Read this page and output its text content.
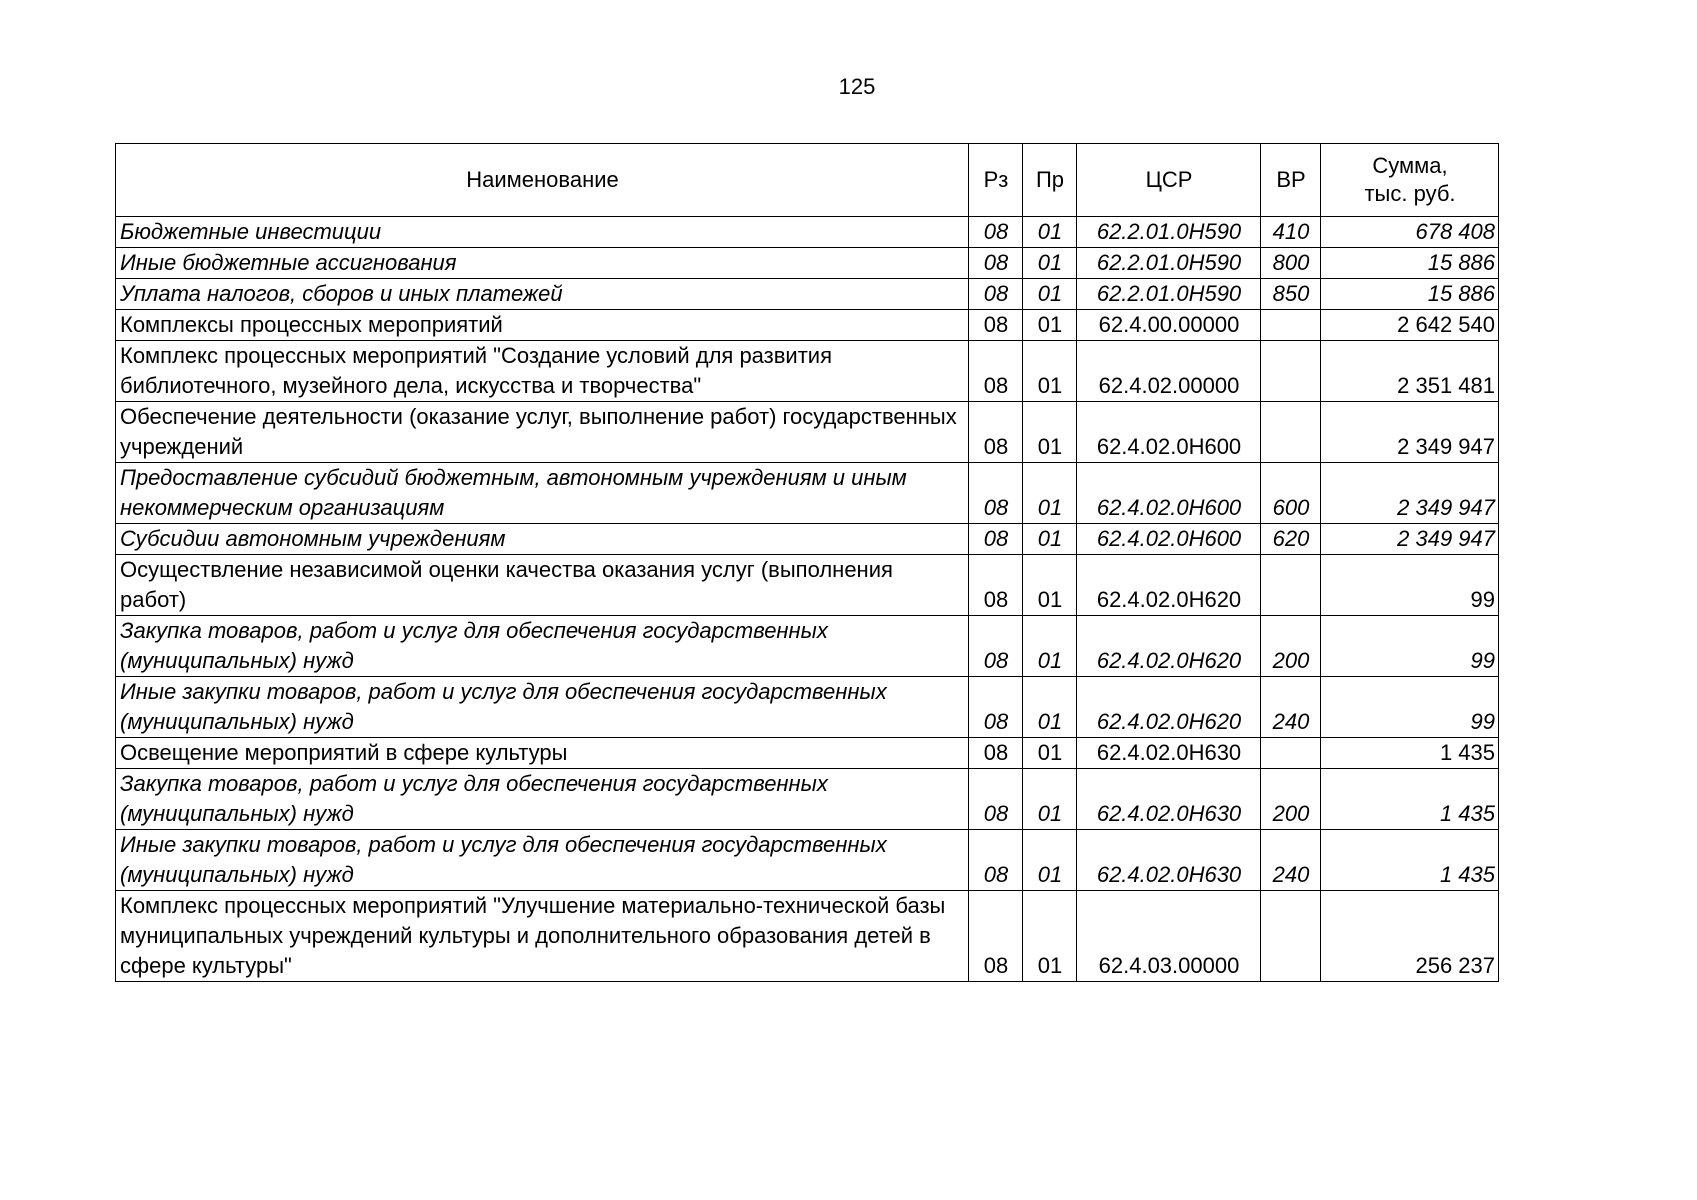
125
Наименование	Рз	Пр	ЦСР	ВР	Сумма,
тыс. руб.

Бюджетные инвестиции	08	01	62.2.01.0Н590	410	678 408
Иные бюджетные ассигнования	08	01	62.2.01.0Н590	800	15 886
Уплата налогов, сборов и иных платежей	08	01	62.2.01.0Н590	850	15 886
Комплексы процессных мероприятий	08	01	62.4.00.00000		2 642 540
Комплекс процессных мероприятий "Создание условий для развития библиотечного, музейного дела, искусства и творчества"	08	01	62.4.02.00000		2 351 481
Обеспечение деятельности (оказание услуг, выполнение работ) государственных учреждений	08	01	62.4.02.0Н600		2 349 947
Предоставление субсидий бюджетным, автономным учреждениям и иным некоммерческим организациям	08	01	62.4.02.0Н600	600	2 349 947
Субсидии автономным учреждениям	08	01	62.4.02.0Н600	620	2 349 947
Осуществление независимой оценки качества оказания услуг (выполнения работ)	08	01	62.4.02.0Н620		99
Закупка товаров, работ и услуг для обеспечения государственных (муниципальных) нужд	08	01	62.4.02.0Н620	200	99
Иные закупки товаров, работ и услуг для обеспечения государственных (муниципальных) нужд	08	01	62.4.02.0Н620	240	99
Освещение мероприятий в сфере культуры	08	01	62.4.02.0Н630		1 435
Закупка товаров, работ и услуг для обеспечения государственных (муниципальных) нужд	08	01	62.4.02.0Н630	200	1 435
Иные закупки товаров, работ и услуг для обеспечения государственных (муниципальных) нужд	08	01	62.4.02.0Н630	240	1 435
Комплекс процессных мероприятий "Улучшение материально-технической базы муниципальных учреждений культуры и дополнительного образования детей в сфере культуры"	08	01	62.4.03.00000		256 237
